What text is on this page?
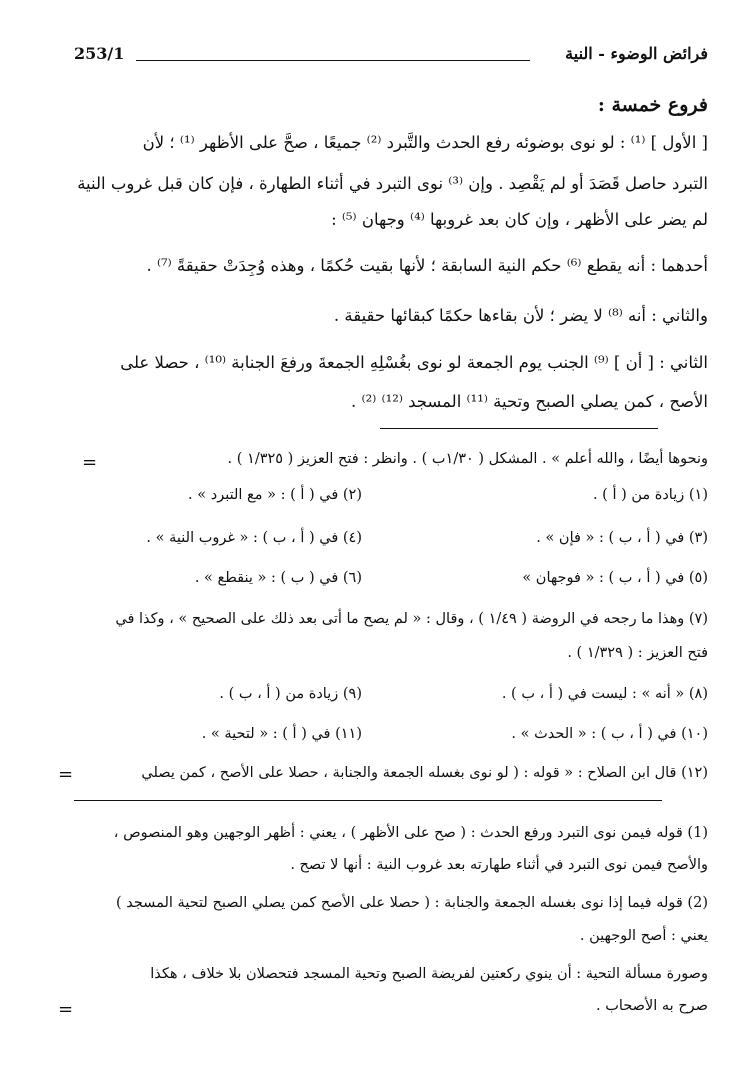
فرائض الوضوء - النية
253/1
فروع خمسة :
[ الأول ] ⁽¹⁾ : لو نوى بوضوئه رفع الحدث والتَّبرد ⁽²⁾ جميعًا ، صحَّ على الأظهر ⁽¹⁾ ؛ لأن
التبرد حاصل قَصَدَ أو لم يَقْصِد . وإن ⁽³⁾ نوى التبرد في أثناء الطهارة ، فإن كان قبل غروب النية
لم يضر على الأظهر ، وإن كان بعد غروبها ⁽⁴⁾ وجهان ⁽⁵⁾ :
أحدهما : أنه يقطع ⁽⁶⁾ حكم النية السابقة ؛ لأنها بقيت حُكمًا ، وهذه وُجِدَتْ حقيقةً ⁽⁷⁾ .
والثاني : أنه ⁽⁸⁾ لا يضر ؛ لأن بقاءها حكمًا كبقائها حقيقة .
الثاني : [ أن ] ⁽⁹⁾ الجنب يوم الجمعة لو نوى بغُسْلِهِ الجمعةَ ورفعَ الجنابة ⁽¹⁰⁾ ، حصلا على
الأصح ، كمن يصلي الصبح وتحية ⁽¹¹⁾ المسجد ⁽¹²⁾ ⁽²⁾ .
ونحوها أيضًا ، والله أعلم » . المشكل ( ١/٣٠ب ) . وانظر : فتح العزيز ( ١/٣٢٥ ) .
=
(١) زيادة من ( أ ) .
(٢) في ( أ ) : « مع التبرد » .
(٣) في ( أ ، ب ) : « فإن » .
(٤) في ( أ ، ب ) : « غروب النية » .
(٥) في ( أ ، ب ) : « فوجهان »
(٦) في ( ب ) : « ينقطع » .
(٧) وهذا ما رجحه في الروضة ( ١/٤٩ ) ، وقال : « لم يصح ما أتى بعد ذلك على الصحيح » ، وكذا في
فتح العزيز : ( ١/٣٢٩ ) .
(٨) « أنه » : ليست في ( أ ، ب ) .
(٩) زيادة من ( أ ، ب ) .
(١٠) في ( أ ، ب ) : « الحدث » .
(١١) في ( أ ) : « لتحية » .
(١٢) قال ابن الصلاح : « قوله : ( لو نوى بغسله الجمعة والجنابة ، حصلا على الأصح ، كمن يصلي
=
(1) قوله فيمن نوى التبرد ورفع الحدث : ( صح على الأظهر ) ، يعني : أظهر الوجهين وهو المنصوص ،
والأصح فيمن نوى التبرد في أثناء طهارته بعد غروب النية : أنها لا تصح .
(2) قوله فيما إذا نوى بغسله الجمعة والجنابة : ( حصلا على الأصح كمن يصلي الصبح لتحية المسجد )
يعني : أصح الوجهين .
وصورة مسألة التحية : أن ينوي ركعتين لفريضة الصبح وتحية المسجد فتحصلان بلا خلاف ، هكذا
صرح به الأصحاب .
=
